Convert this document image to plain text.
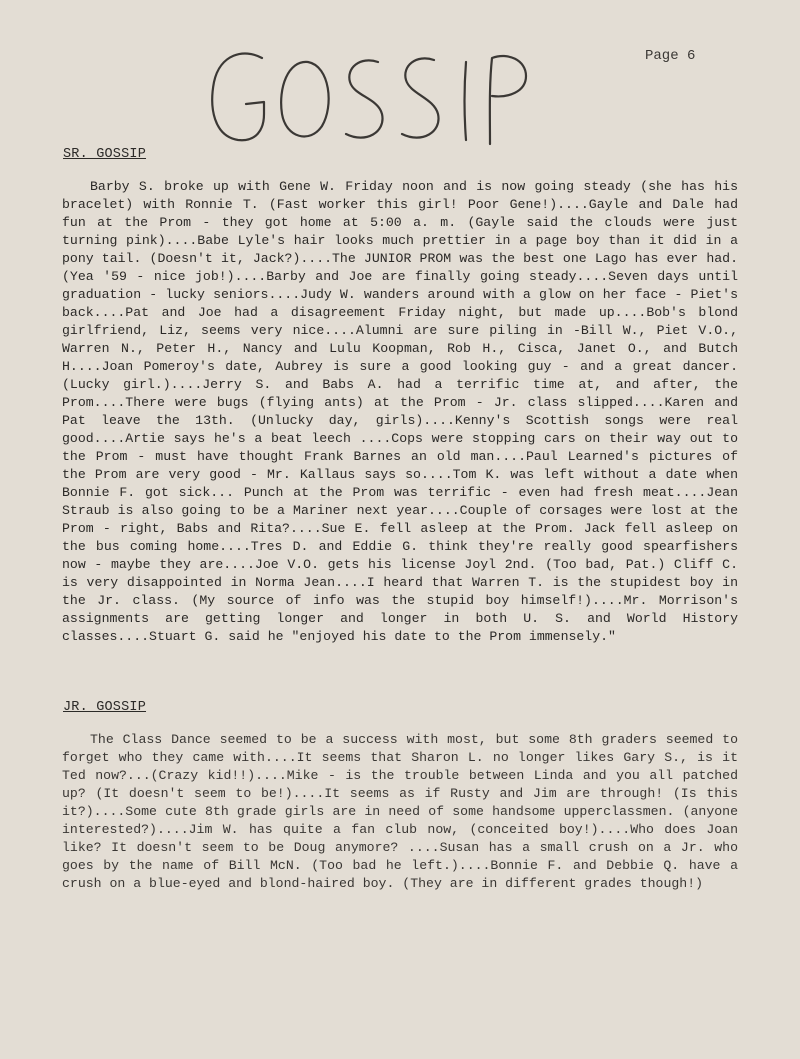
Page 6
SR. GOSSIP

Barby S. broke up with Gene W. Friday noon and is now going steady (she has his bracelet) with Ronnie T. (Fast worker this girl! Poor Gene!)....Gayle and Dale had fun at the Prom - they got home at 5:00 a. m. (Gayle said the clouds were just turning pink)....Babe Lyle's hair looks much prettier in a page boy than it did in a pony tail. (Doesn't it, Jack?)....The JUNIOR PROM was the best one Lago has ever had. (Yea '59 - nice job!)....Barby and Joe are finally going steady....Seven days until graduation - lucky seniors....Judy W. wanders around with a glow on her face - Piet's back....Pat and Joe had a disagreement Friday night, but made up....Bob's blond girlfriend, Liz, seems very nice....Alumni are sure piling in -Bill W., Piet V.O., Warren N., Peter H., Nancy and Lulu Koopman, Rob H., Cisca, Janet O., and Butch H....Joan Pomeroy's date, Aubrey is sure a good looking guy - and a great dancer. (Lucky girl.)....Jerry S. and Babs A. had a terrific time at, and after, the Prom....There were bugs (flying ants) at the Prom - Jr. class slipped....Karen and Pat leave the 13th. (Unlucky day, girls)....Kenny's Scottish songs were real good....Artie says he's a beat leech ....Cops were stopping cars on their way out to the Prom - must have thought Frank Barnes an old man....Paul Learned's pictures of the Prom are very good - Mr. Kallaus says so....Tom K. was left without a date when Bonnie F. got sick... Punch at the Prom was terrific - even had fresh meat....Jean Straub is also going to be a Mariner next year....Couple of corsages were lost at the Prom - right, Babs and Rita?....Sue E. fell asleep at the Prom. Jack fell asleep on the bus coming home....Tres D. and Eddie G. think they're really good spearfishers now - maybe they are....Joe V.O. gets his license Joyl 2nd. (Too bad, Pat.) Cliff C. is very disappointed in Norma Jean....I heard that Warren T. is the stupidest boy in the Jr. class. (My source of info was the stupid boy himself!)....Mr. Morrison's assignments are getting longer and longer in both U. S. and World History classes....Stuart G. said he "enjoyed his date to the Prom immensely."

JR. GOSSIP

The Class Dance seemed to be a success with most, but some 8th graders seemed to forget who they came with....It seems that Sharon L. no longer likes Gary S., is it Ted now?...(Crazy kid!!)....Mike - is the trouble between Linda and you all patched up? (It doesn't seem to be!)....It seems as if Rusty and Jim are through! (Is this it?)....Some cute 8th grade girls are in need of some handsome upperclassmen. (anyone interested?)....Jim W. has quite a fan club now, (conceited boy!)....Who does Joan like? It doesn't seem to be Doug anymore? ....Susan has a small crush on a Jr. who goes by the name of Bill McN. (Too bad he left.)....Bonnie F. and Debbie Q. have a crush on a blue-eyed and blond-haired boy. (They are in different grades though!)
